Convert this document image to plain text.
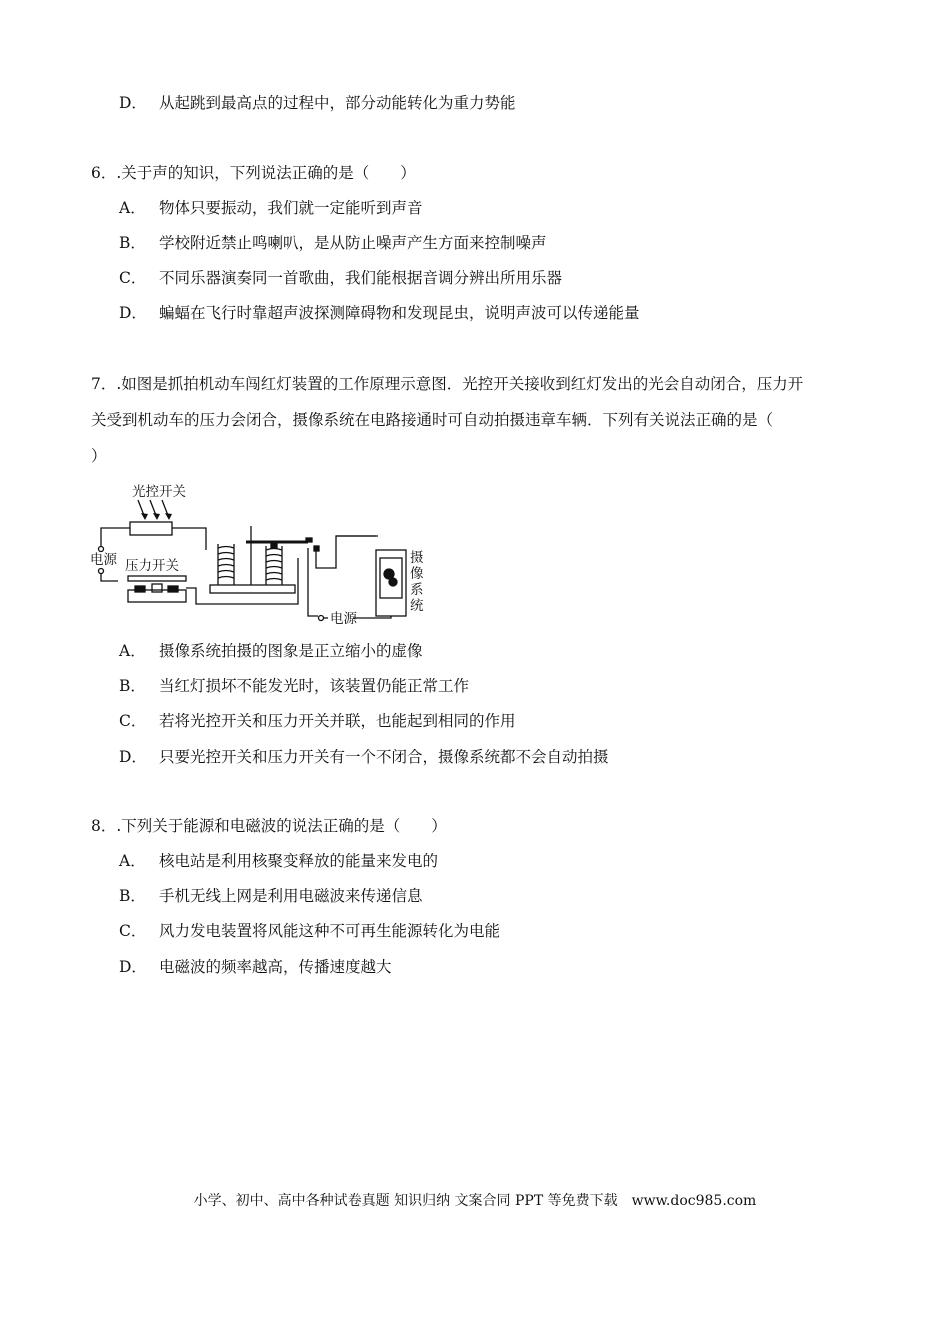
D． 从起跳到最高点的过程中，部分动能转化为重力势能
6．.关于声的知识，下列说法正确的是（　　）
A． 物体只要振动，我们就一定能听到声音
B． 学校附近禁止鸣喇叭，是从防止噪声产生方面来控制噪声
C． 不同乐器演奏同一首歌曲，我们能根据音调分辨出所用乐器
D． 蝙蝠在飞行时靠超声波探测障碍物和发现昆虫，说明声波可以传递能量
7．.如图是抓拍机动车闯红灯装置的工作原理示意图．光控开关接收到红灯发出的光会自动闭合，压力开
关受到机动车的压力会闭合，摄像系统在电路接通时可自动拍摄违章车辆．下列有关说法正确的是（
）
光控开关
电源 压力开关
电源
摄
像
系
统
A． 摄像系统拍摄的图象是正立缩小的虚像
B． 当红灯损坏不能发光时，该装置仍能正常工作
C． 若将光控开关和压力开关并联，也能起到相同的作用
D． 只要光控开关和压力开关有一个不闭合，摄像系统都不会自动拍摄
8．.下列关于能源和电磁波的说法正确的是（　　）
A． 核电站是利用核聚变释放的能量来发电的
B． 手机无线上网是利用电磁波来传递信息
C． 风力发电装置将风能这种不可再生能源转化为电能
D． 电磁波的频率越高，传播速度越大
小学、初中、高中各种试卷真题 知识归纳 文案合同 PPT 等免费下载　www.doc985.com
